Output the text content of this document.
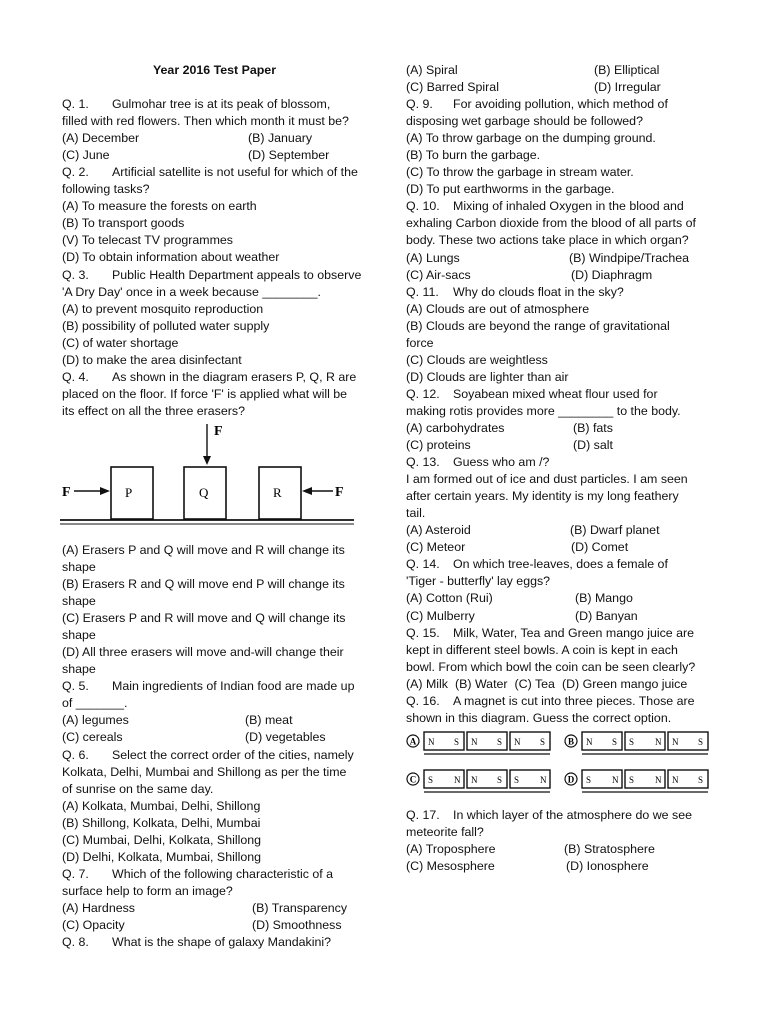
Year 2016 Test Paper
Q. 1. Gulmohar tree is at its peak of blossom,
filled with red flowers. Then which month it must be?
(A) December	(B) January
(C) June	(D) September
Q. 2. Artificial satellite is not useful for which of the
following tasks?
(A) To measure the forests on earth
(B) To transport goods
(V) To telecast TV programmes
(D) To obtain information about weather
Q. 3. Public Health Department appeals to observe
'A Dry Day' once in a week because ________.
(A) to prevent mosquito reproduction
(B) possibility of polluted water supply
(C) of water shortage
(D) to make the area disinfectant
Q. 4. As shown in the diagram erasers P, Q, R are
placed on the floor. If force 'F' is applied what will be
its effect on all the three erasers?
F
F	F
P	Q	R
(A) Erasers P and Q will move and R will change its
shape
(B) Erasers R and Q will move end P will change its
shape
(C) Erasers P and R will move and Q will change its
shape
(D) All three erasers will move and-will change their
shape
Q. 5. Main ingredients of Indian food are made up
of _______.
(A) legumes	(B) meat
(C) cereals	(D) vegetables
Q. 6. Select the correct order of the cities, namely
Kolkata, Delhi, Mumbai and Shillong as per the time
of sunrise on the same day.
(A) Kolkata, Mumbai, Delhi, Shillong
(B) Shillong, Kolkata, Delhi, Mumbai
(C) Mumbai, Delhi, Kolkata, Shillong
(D) Delhi, Kolkata, Mumbai, Shillong
Q. 7. Which of the following characteristic of a
surface help to form an image?
(A) Hardness	(B) Transparency
(C) Opacity	(D) Smoothness
Q. 8. What is the shape of galaxy Mandakini?
(A) Spiral	(B) Elliptical
(C) Barred Spiral	(D) Irregular
Q. 9. For avoiding pollution, which method of
disposing wet garbage should be followed?
(A) To throw garbage on the dumping ground.
(B) To burn the garbage.
(C) To throw the garbage in stream water.
(D) To put earthworms in the garbage.
Q. 10. Mixing of inhaled Oxygen in the blood and
exhaling Carbon dioxide from the blood of all parts of
body. These two actions take place in which organ?
(A) Lungs	(B) Windpipe/Trachea
(C) Air-sacs	(D) Diaphragm
Q. 11. Why do clouds float in the sky?
(A) Clouds are out of atmosphere
(B) Clouds are beyond the range of gravitational
force
(C) Clouds are weightless
(D) Clouds are lighter than air
Q. 12. Soyabean mixed wheat flour used for
making rotis provides more ________ to the body.
(A) carbohydrates	(B) fats
(C) proteins	(D) salt
Q. 13. Guess who am /?
I am formed out of ice and dust particles. I am seen
after certain years. My identity is my long feathery
tail.
(A) Asteroid	(B) Dwarf planet
(C) Meteor	(D) Comet
Q. 14. On which tree-leaves, does a female of
'Tiger - butterfly' lay eggs?
(A) Cotton (Rui)	(B) Mango
(C) Mulberry	(D) Banyan
Q. 15. Milk, Water, Tea and Green mango juice are
kept in different steel bowls. A coin is kept in each
bowl. From which bowl the coin can be seen clearly?
(A) Milk (B) Water (C) Tea (D) Green mango juice
Q. 16. A magnet is cut into three pieces. Those are
shown in this diagram. Guess the correct option.
A N S N S N S	B N S S N N S
C S N N S S N D S N S N N S
Q. 17. In which layer of the atmosphere do we see
meteorite fall?
(A) Troposphere	(B) Stratosphere
(C) Mesosphere	(D) Ionosphere
